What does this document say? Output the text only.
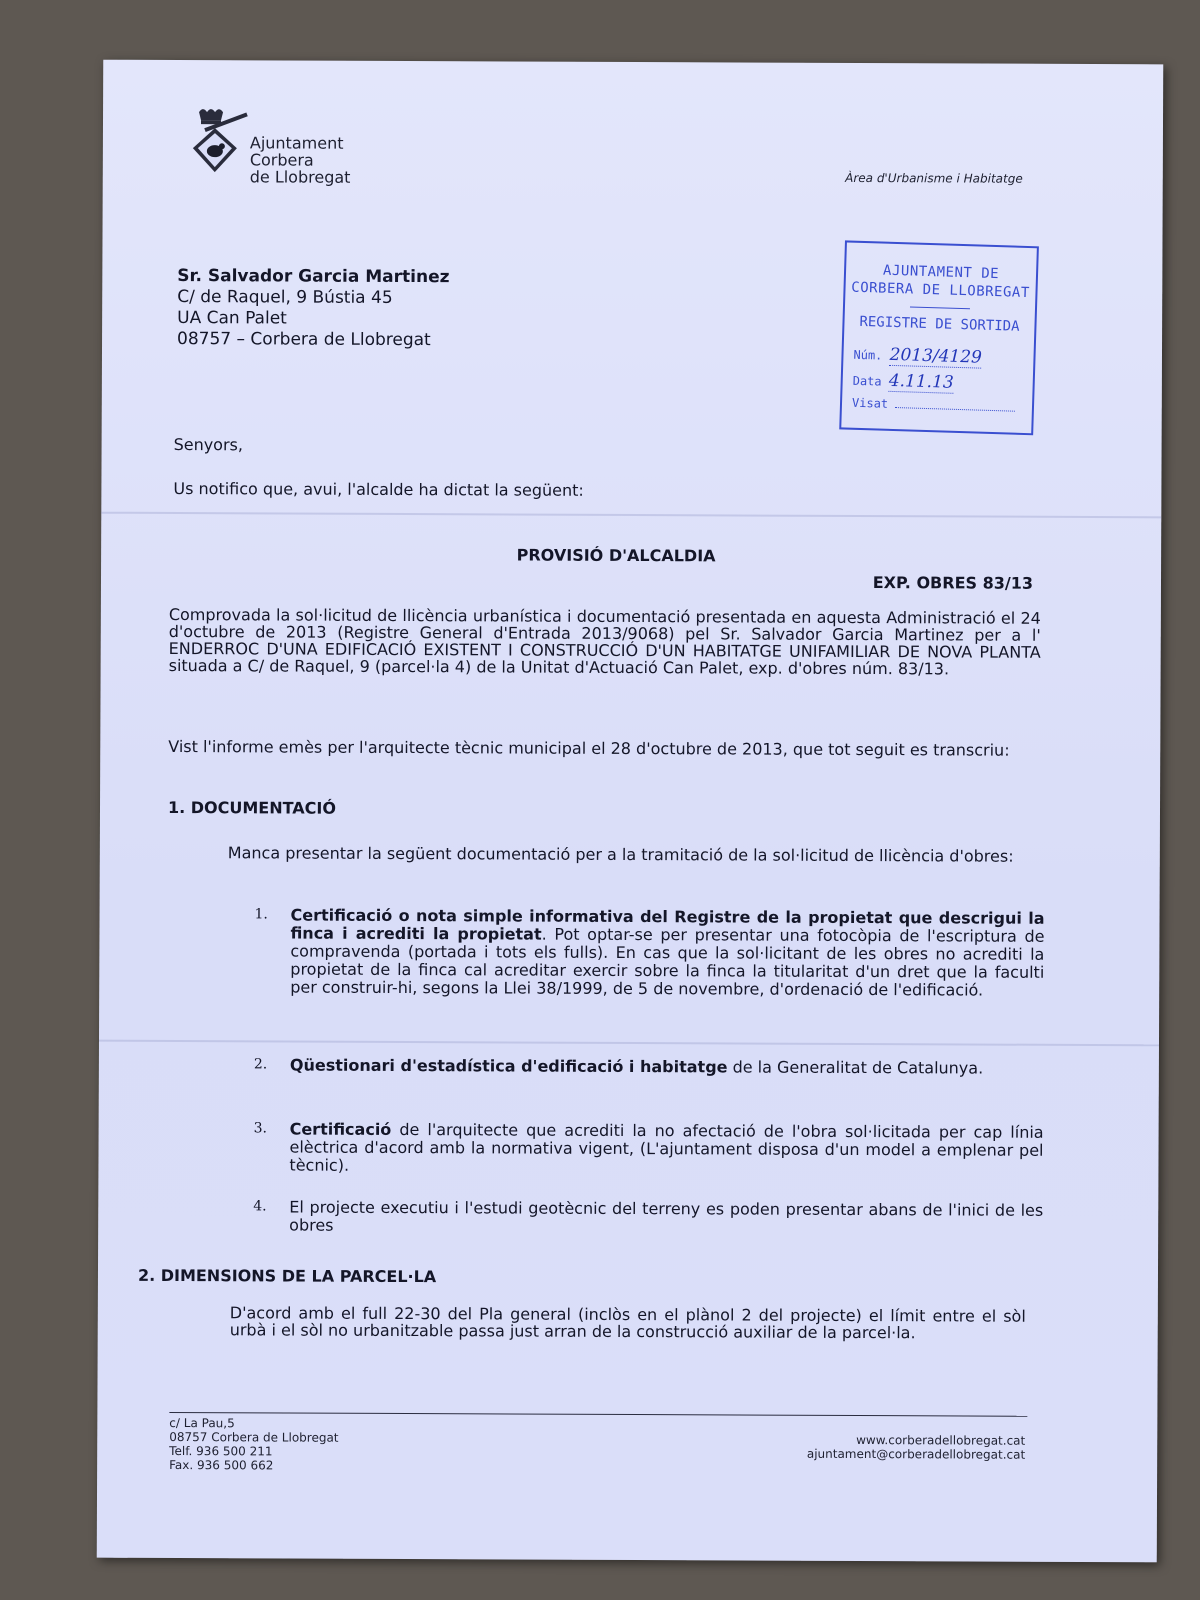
Ajuntament
Corbera
de Llobregat	Àrea d'Urbanisme i Habitatge
AJUNTAMENT DE
CORBERA DE LLOBREGAT
REGISTRE DE SORTIDA
Núm. 2013/4129
Data 4.11.13
Visat
Sr. Salvador Garcia Martinez
C/ de Raquel, 9 Bústia 45
UA Can Palet
08757 – Corbera de Llobregat
Senyors,
Us notifico que, avui, l'alcalde ha dictat la següent:
PROVISIÓ D'ALCALDIA
EXP. OBRES 83/13
Comprovada la sol·licitud de llicència urbanística i documentació presentada en aquesta Administració el 24 d'octubre de 2013 (Registre General d'Entrada 2013/9068) pel Sr. Salvador Garcia Martinez per a l' ENDERROC D'UNA EDIFICACIÓ EXISTENT I CONSTRUCCIÓ D'UN HABITATGE UNIFAMILIAR DE NOVA PLANTA situada a C/ de Raquel, 9 (parcel·la 4) de la Unitat d'Actuació Can Palet, exp. d'obres núm. 83/13.
Vist l'informe emès per l'arquitecte tècnic municipal el 28 d'octubre de 2013, que tot seguit es transcriu:
1. DOCUMENTACIÓ
Manca presentar la següent documentació per a la tramitació de la sol·licitud de llicència d'obres:
1. Certificació o nota simple informativa del Registre de la propietat que descrigui la finca i acrediti la propietat. Pot optar-se per presentar una fotocòpia de l'escriptura de compravenda (portada i tots els fulls). En cas que la sol·licitant de les obres no acrediti la propietat de la finca cal acreditar exercir sobre la finca la titularitat d'un dret que la faculti per construir-hi, segons la Llei 38/1999, de 5 de novembre, d'ordenació de l'edificació.
2. Qüestionari d'estadística d'edificació i habitatge de la Generalitat de Catalunya.
3. Certificació de l'arquitecte que acrediti la no afectació de l'obra sol·licitada per cap línia elèctrica d'acord amb la normativa vigent, (L'ajuntament disposa d'un model a emplenar pel tècnic).
4. El projecte executiu i l'estudi geotècnic del terreny es poden presentar abans de l'inici de les obres
2. DIMENSIONS DE LA PARCEL·LA
D'acord amb el full 22-30 del Pla general (inclòs en el plànol 2 del projecte) el límit entre el sòl urbà i el sòl no urbanitzable passa just arran de la construcció auxiliar de la parcel·la.
c/ La Pau,5
08757 Corbera de Llobregat
Telf. 936 500 211
Fax. 936 500 662
www.corberadellobregat.cat
ajuntament@corberadellobregat.cat
